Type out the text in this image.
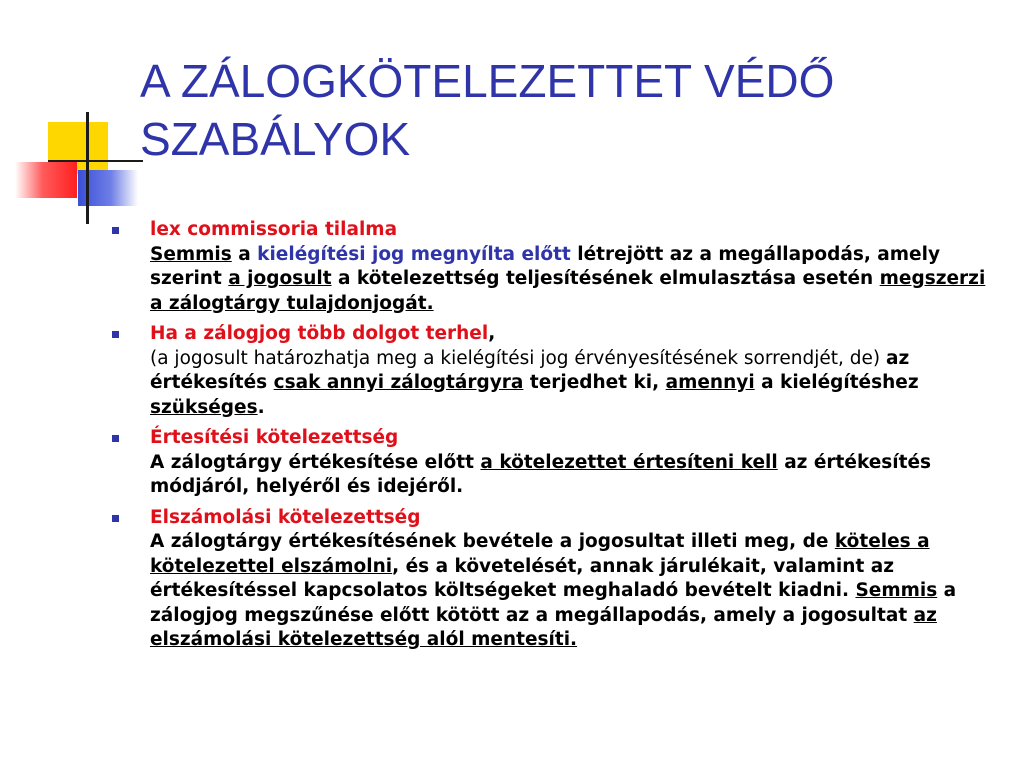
A ZÁLOGKÖTELEZETTET VÉDŐ
SZABÁLYOK

lex commissoria tilalma
Semmis a kielégítési jog megnyílta előtt létrejött az a megállapodás, amely szerint a jogosult a kötelezettség teljesítésének elmulasztása esetén megszerzi a zálogtárgy tulajdonjogát.

Ha a zálogjog több dolgot terhel,
(a jogosult határozhatja meg a kielégítési jog érvényesítésének sorrendjét, de) az értékesítés csak annyi zálogtárgyra terjedhet ki, amennyi a kielégítéshez szükséges.

Értesítési kötelezettség
A zálogtárgy értékesítése előtt a kötelezettet értesíteni kell az értékesítés módjáról, helyéről és idejéről.

Elszámolási kötelezettség
A zálogtárgy értékesítésének bevétele a jogosultat illeti meg, de köteles a kötelezettel elszámolni, és a követelését, annak járulékait, valamint az értékesítéssel kapcsolatos költségeket meghaladó bevételt kiadni. Semmis a zálogjog megszűnése előtt kötött az a megállapodás, amely a jogosultat az elszámolási kötelezettség alól mentesíti.
